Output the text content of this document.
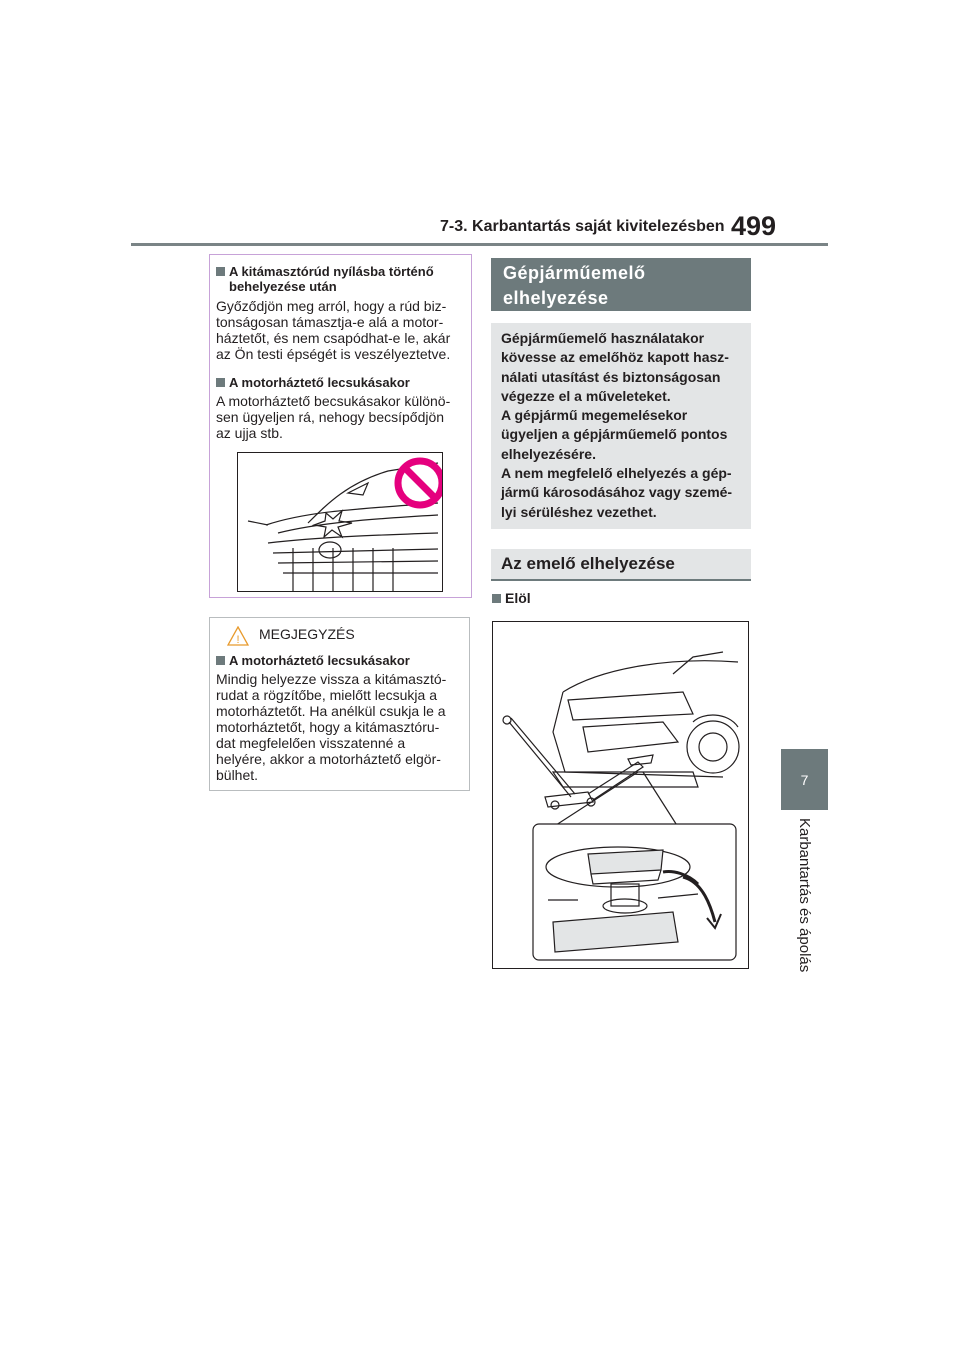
7-3. Karbantartás saját kivitelezésben 499
7
Karbantartás és ápolás
A kitámasztórúd nyílásba történő behelyezése után
Győződjön meg arról, hogy a rúd biz-
tonságosan támasztja-e alá a motor-
háztetőt, és nem csapódhat-e le, akár
az Ön testi épségét is veszélyeztetve.
A motorháztető lecsukásakor
A motorháztető becsukásakor különö-
sen ügyeljen rá, nehogy becsípődjön
az ujja stb.
! MEGJEGYZÉS
A motorháztető lecsukásakor
Mindig helyezze vissza a kitámasztó-
rudat a rögzítőbe, mielőtt lecsukja a
motorháztetőt. Ha anélkül csukja le a
motorháztetőt, hogy a kitámasztóru-
dat megfelelően visszatenné a
helyére, akkor a motorháztető elgör-
bülhet.
Gépjárműemelő
elhelyezése
Gépjárműemelő használatakor
kövesse az emelőhöz kapott hasz-
nálati utasítást és biztonságosan
végezze el a műveleteket.
A gépjármű megemelésekor
ügyeljen a gépjárműemelő pontos
elhelyezésére.
A nem megfelelő elhelyezés a gép-
jármű károsodásához vagy szemé-
lyi sérüléshez vezethet.
Az emelő elhelyezése
Elöl
